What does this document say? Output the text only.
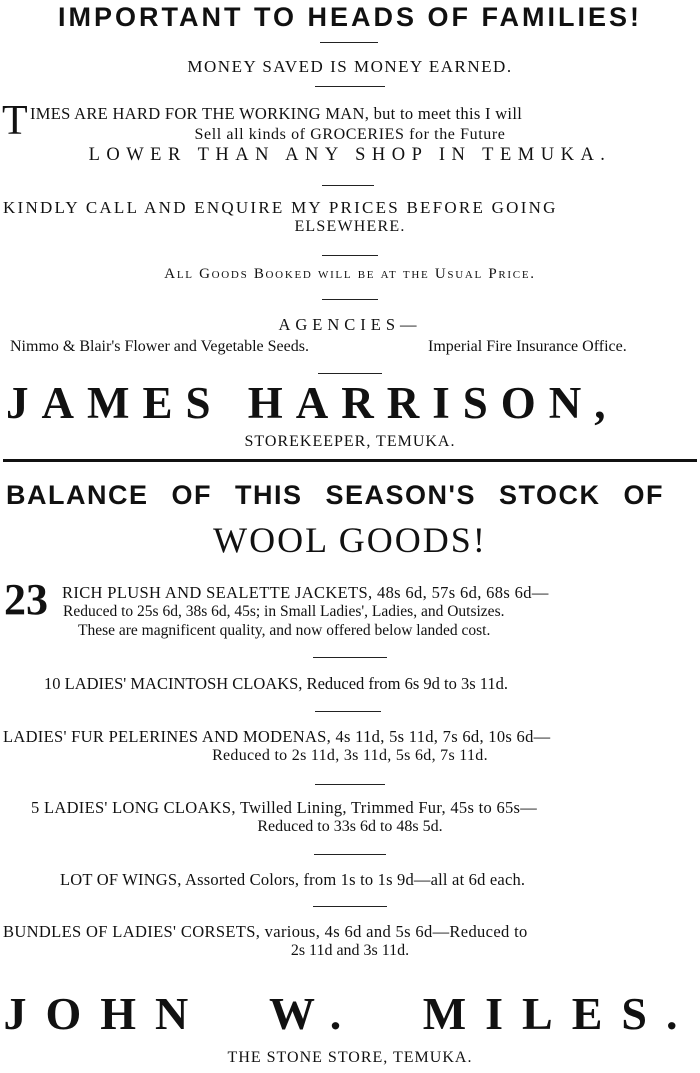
IMPORTANT TO HEADS OF FAMILIES!
MONEY SAVED IS MONEY EARNED.
T IMES ARE HARD FOR THE WORKING MAN, but to meet this I will
Sell all kinds of GROCERIES for the Future
LOWER THAN ANY SHOP IN TEMUKA.
KINDLY CALL AND ENQUIRE MY PRICES BEFORE GOING
ELSEWHERE.
All Goods Booked will be at the Usual Price.
AGENCIES—
Nimmo & Blair's Flower and Vegetable Seeds.	Imperial Fire Insurance Office.
JAMES HARRISON,
STOREKEEPER, TEMUKA.
BALANCE OF THIS SEASON'S STOCK OF
WOOL GOODS!
23 RICH PLUSH AND SEALETTE JACKETS, 48s 6d, 57s 6d, 68s 6d—
Reduced to 25s 6d, 38s 6d, 45s; in Small Ladies', Ladies, and Outsizes.
These are magnificent quality, and now offered below landed cost.
10 LADIES' MACINTOSH CLOAKS, Reduced from 6s 9d to 3s 11d.
LADIES' FUR PELERINES AND MODENAS, 4s 11d, 5s 11d, 7s 6d, 10s 6d—
Reduced to 2s 11d, 3s 11d, 5s 6d, 7s 11d.
5 LADIES' LONG CLOAKS, Twilled Lining, Trimmed Fur, 45s to 65s—
Reduced to 33s 6d to 48s 5d.
LOT OF WINGS, Assorted Colors, from 1s to 1s 9d—all at 6d each.
BUNDLES OF LADIES' CORSETS, various, 4s 6d and 5s 6d—Reduced to
2s 11d and 3s 11d.
JOHN W. MILES.
THE STONE STORE, TEMUKA.
